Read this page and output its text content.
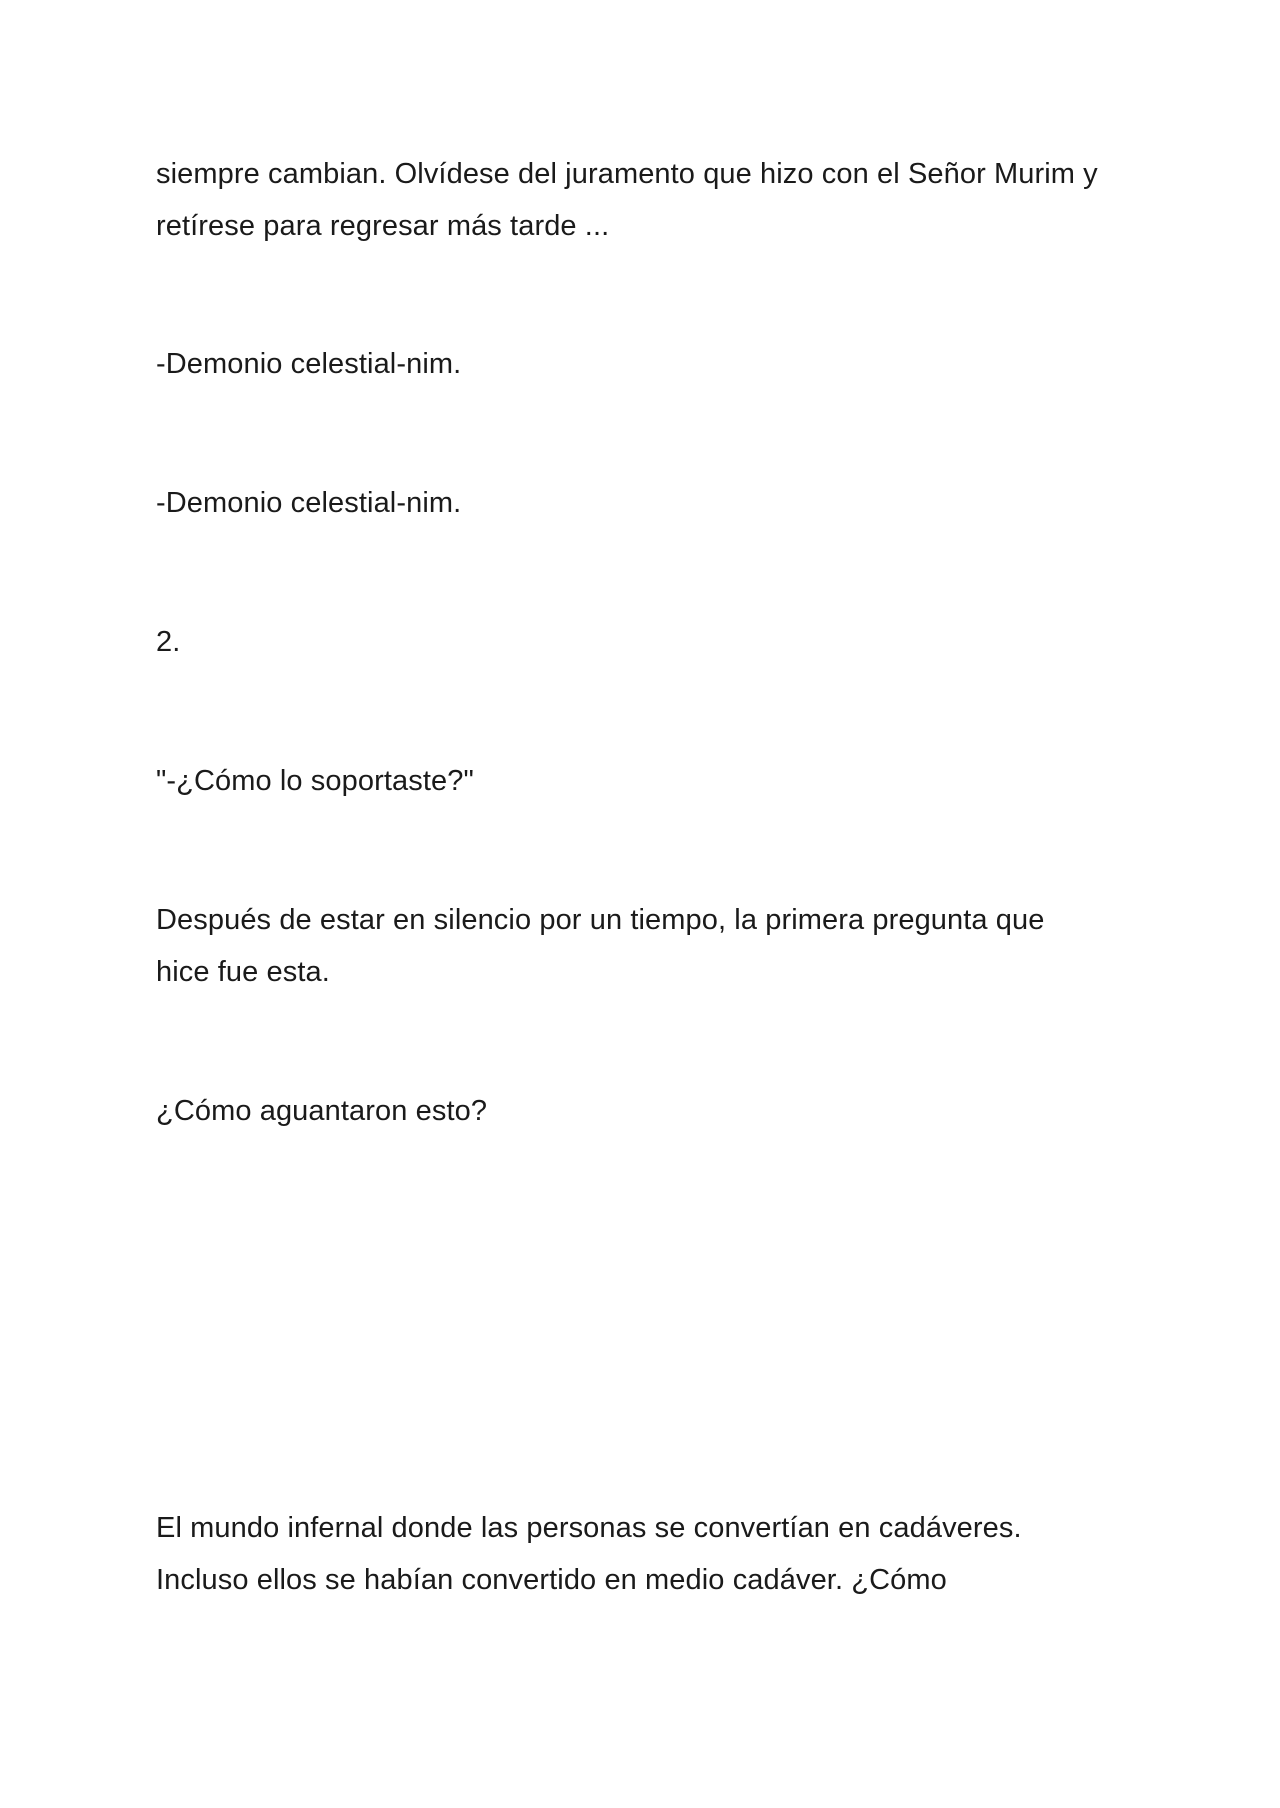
siempre cambian. Olvídese del juramento que hizo con el Señor Murim y

retírese para regresar más tarde ...

-Demonio celestial-nim.

-Demonio celestial-nim.

2.

"-¿Cómo lo soportaste?"

Después de estar en silencio por un tiempo, la primera pregunta que

hice fue esta.

¿Cómo aguantaron esto?

El mundo infernal donde las personas se convertían en cadáveres.

Incluso ellos se habían convertido en medio cadáver. ¿Cómo
